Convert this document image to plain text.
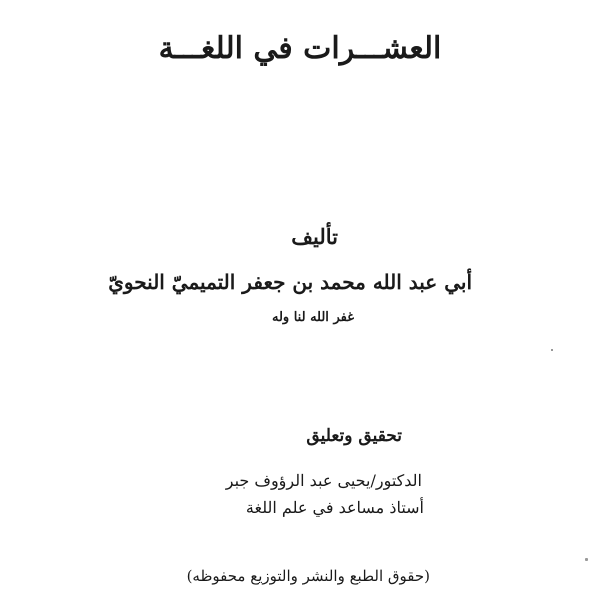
العشـــرات في اللغـــة
تأليف
أبي عبد الله محمد بن جعفر التميميّ النحويّ
غفر الله لنا وله
تحقيق وتعليق
الدكتور/يحيى عبد الرؤوف جبر
أستاذ مساعد في علم اللغة
(حقوق الطبع والنشر والتوزيع محفوظه)
